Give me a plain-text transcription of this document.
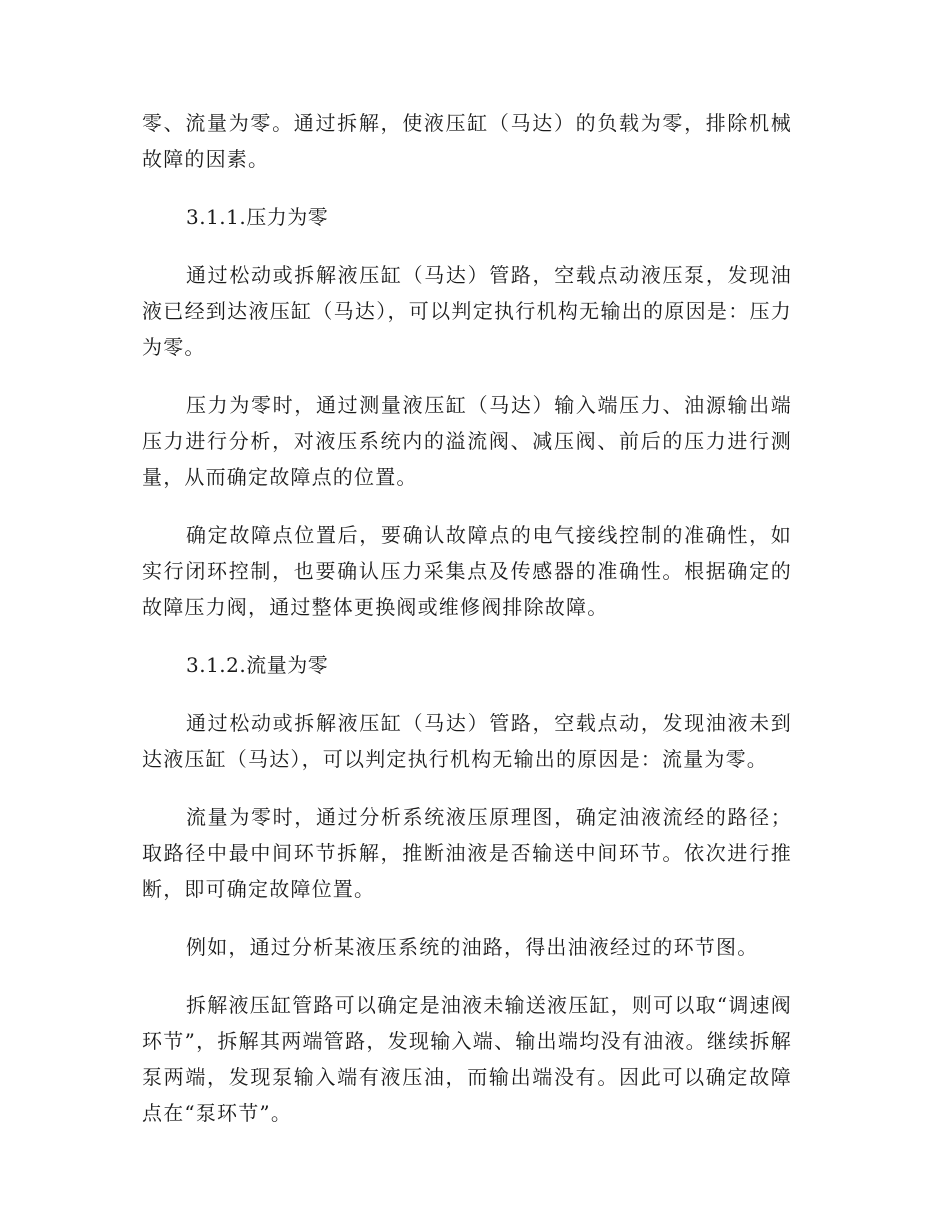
零、流量为零。通过拆解，使液压缸（马达）的负载为零，排除机械故障的因素。

3.1.1.压力为零

通过松动或拆解液压缸（马达）管路，空载点动液压泵，发现油液已经到达液压缸（马达），可以判定执行机构无输出的原因是：压力为零。

压力为零时，通过测量液压缸（马达）输入端压力、油源输出端压力进行分析，对液压系统内的溢流阀、减压阀、前后的压力进行测量，从而确定故障点的位置。

确定故障点位置后，要确认故障点的电气接线控制的准确性，如实行闭环控制，也要确认压力采集点及传感器的准确性。根据确定的故障压力阀，通过整体更换阀或维修阀排除故障。

3.1.2.流量为零

通过松动或拆解液压缸（马达）管路，空载点动，发现油液未到达液压缸（马达），可以判定执行机构无输出的原因是：流量为零。

流量为零时，通过分析系统液压原理图，确定油液流经的路径；取路径中最中间环节拆解，推断油液是否输送中间环节。依次进行推断，即可确定故障位置。

例如，通过分析某液压系统的油路，得出油液经过的环节图。

拆解液压缸管路可以确定是油液未输送液压缸，则可以取“调速阀环节”，拆解其两端管路，发现输入端、输出端均没有油液。继续拆解泵两端，发现泵输入端有液压油，而输出端没有。因此可以确定故障点在“泵环节”。
